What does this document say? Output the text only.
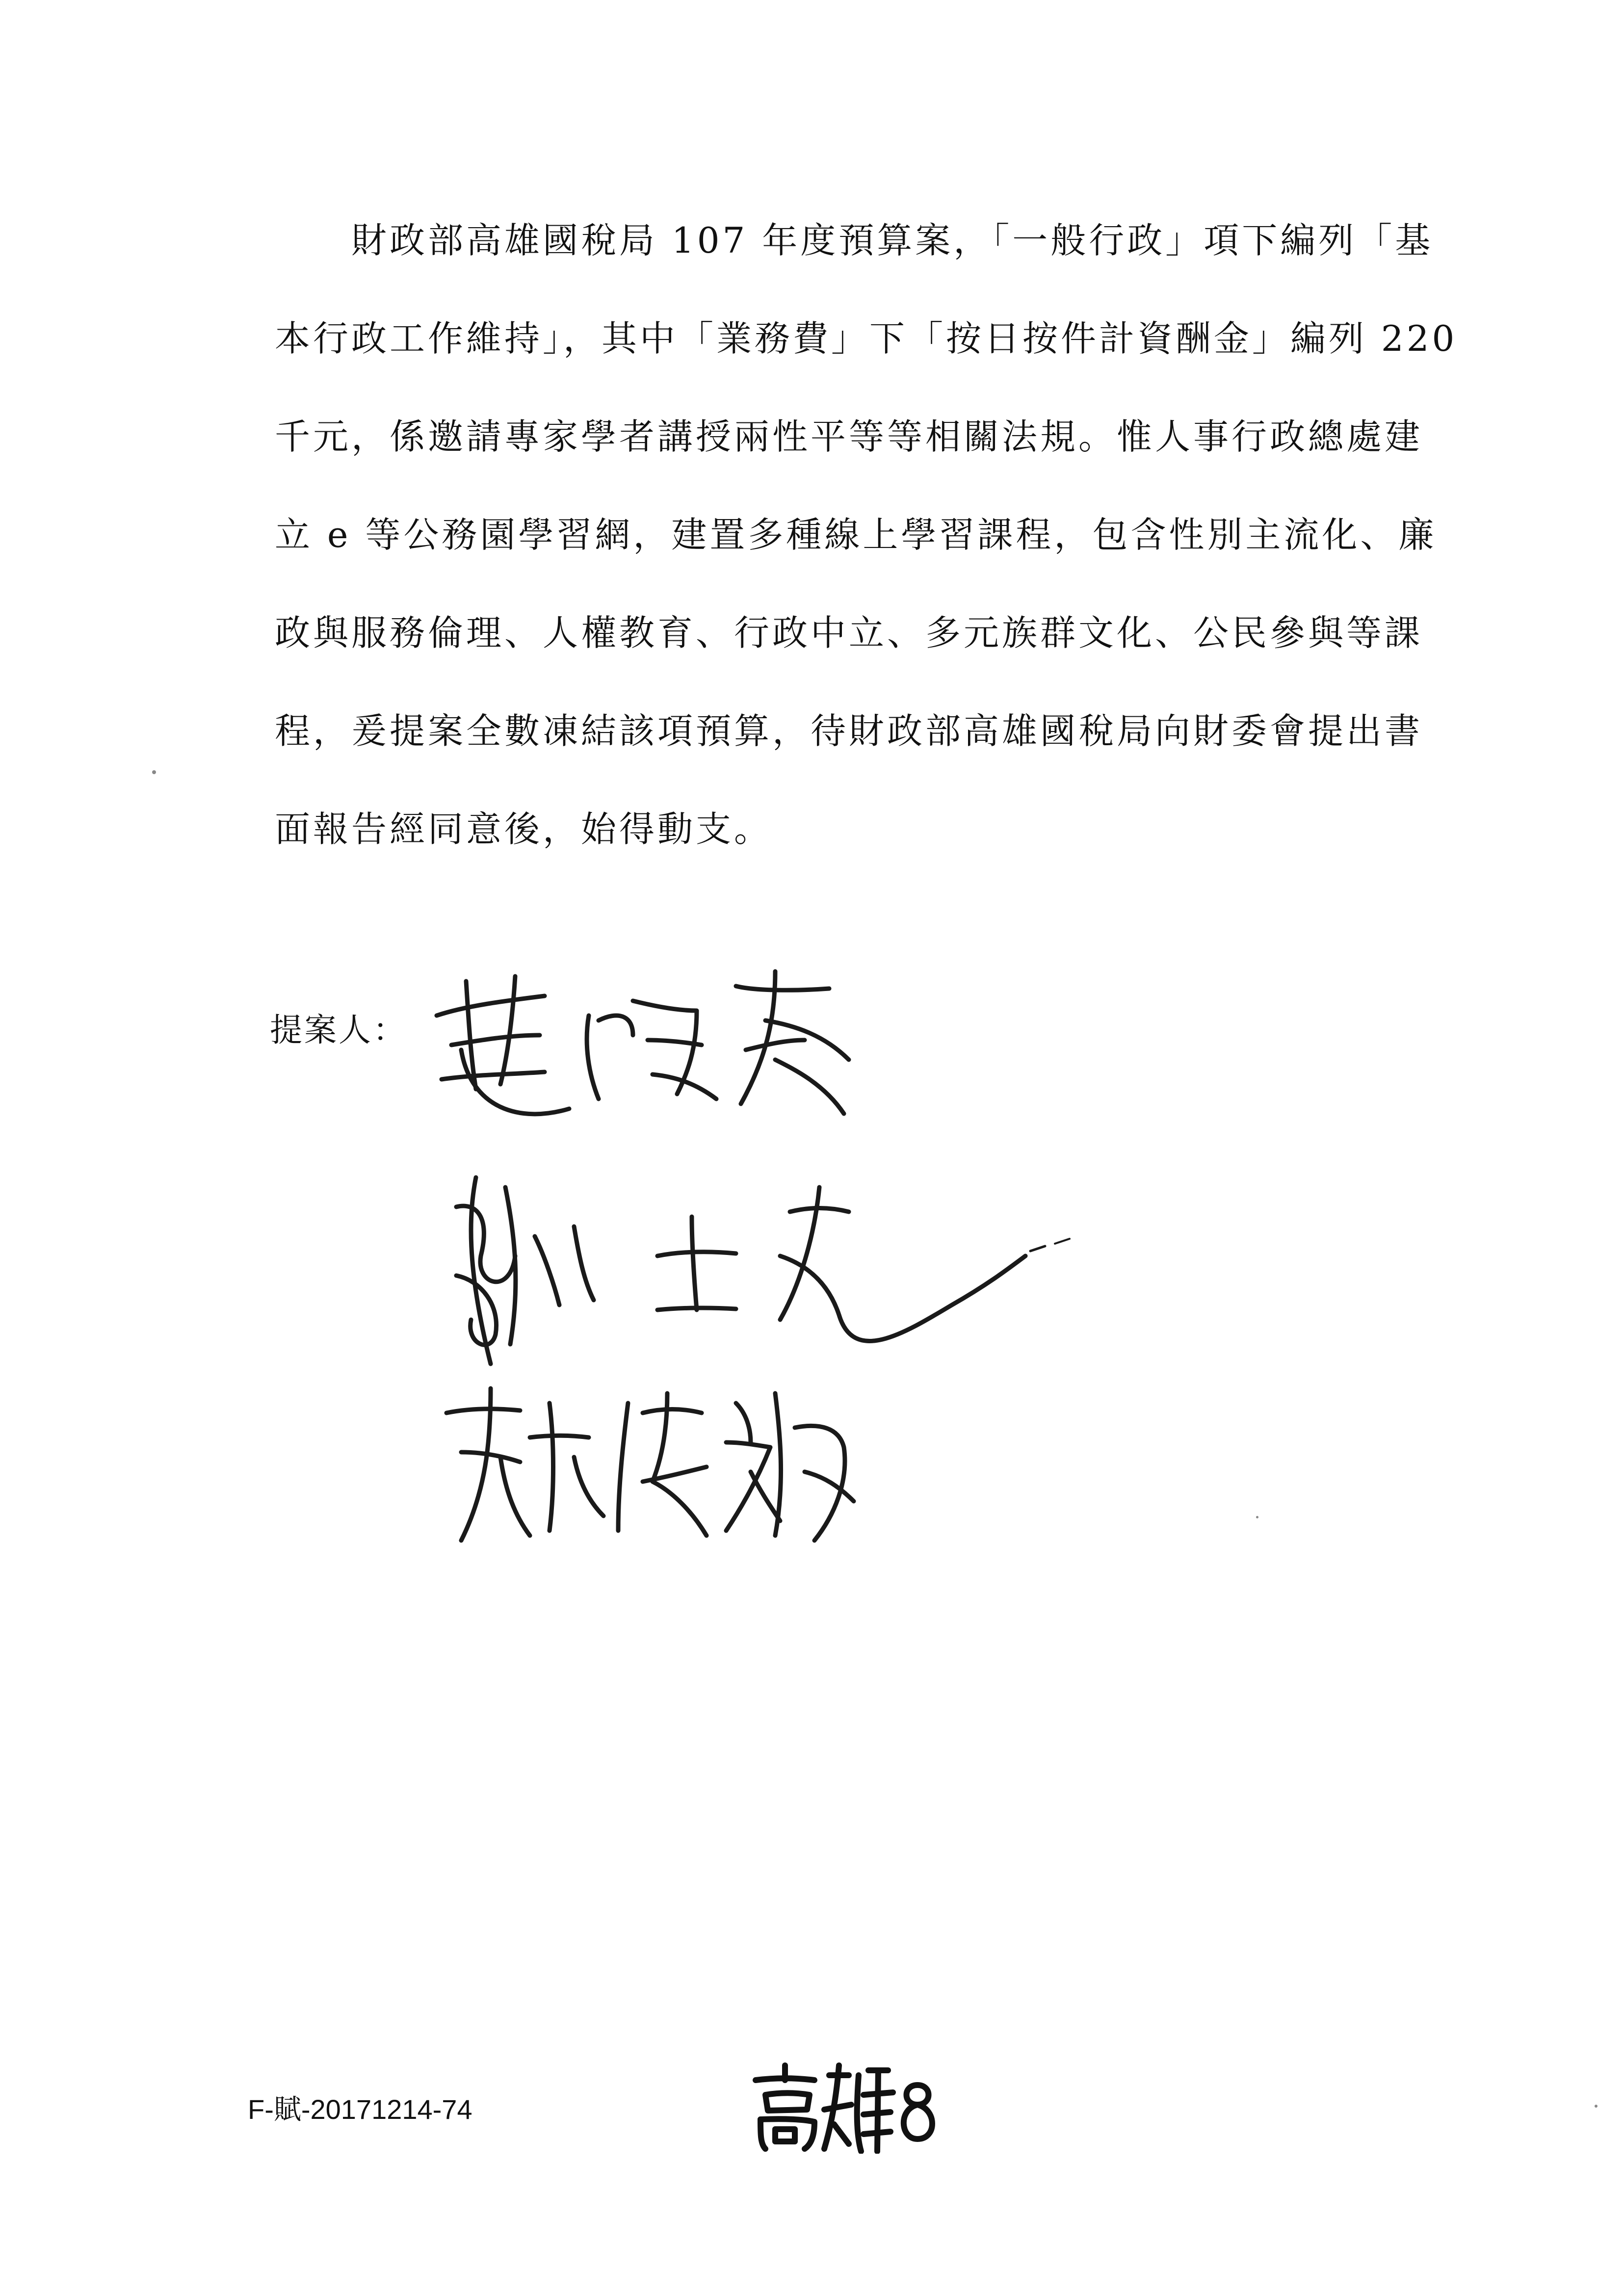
　　財政部高雄國稅局 107 年度預算案，「一般行政」項下編列「基
本行政工作維持」，其中「業務費」下「按日按件計資酬金」編列 220
千元，係邀請專家學者講授兩性平等等相關法規。惟人事行政總處建
立 e 等公務園學習網，建置多種線上學習課程，包含性別主流化、廉
政與服務倫理、人權教育、行政中立、多元族群文化、公民參與等課
程，爰提案全數凍結該項預算，待財政部高雄國稅局向財委會提出書
面報告經同意後，始得動支。
提案人：
F-賦-20171214-74
